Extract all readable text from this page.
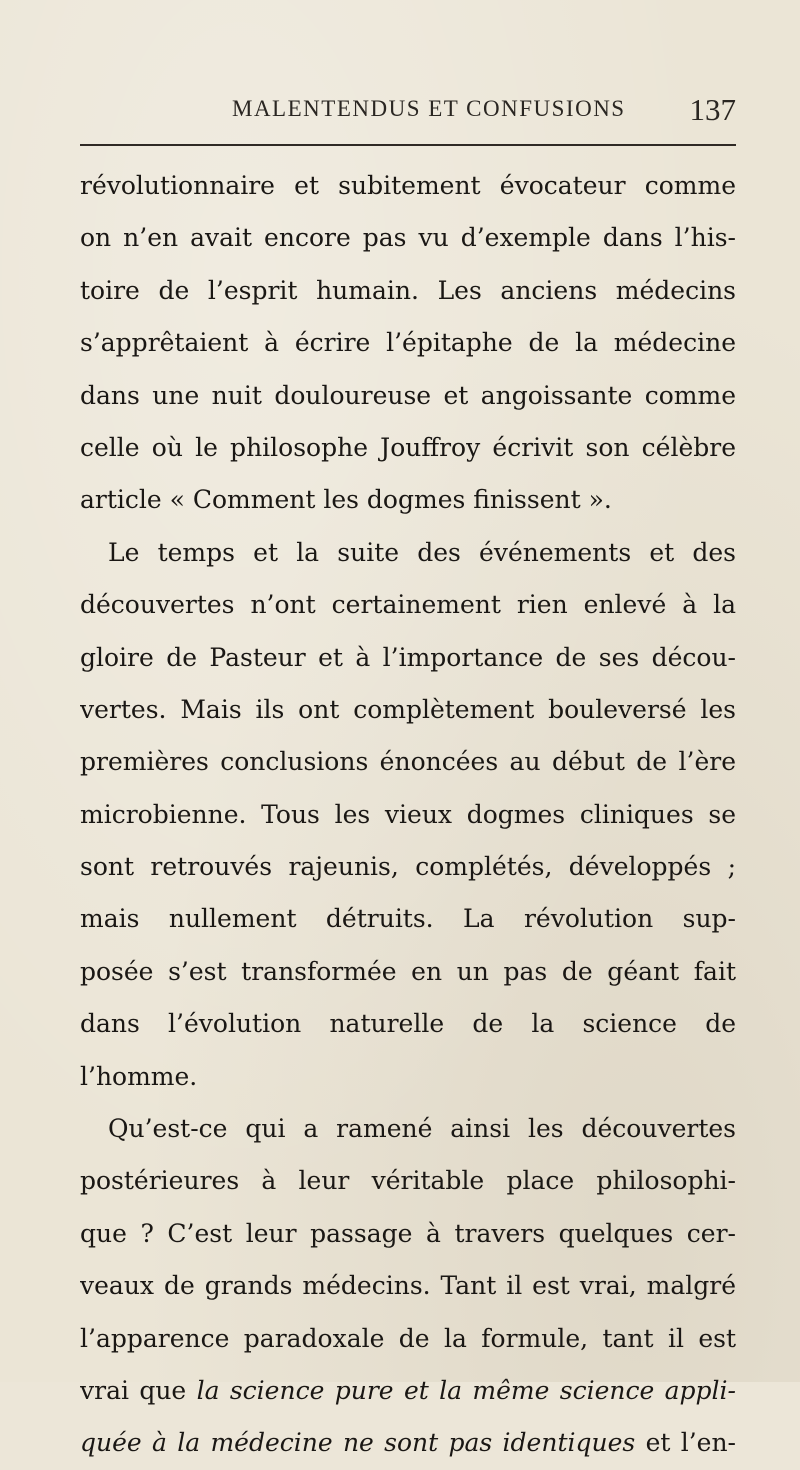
MALENTENDUS ET CONFUSIONS 137
révolutionnaire et subitement évocateur comme
on n’en avait encore pas vu d’exemple dans l’his-
toire de l’esprit humain. Les anciens médecins
s’apprêtaient à écrire l’épitaphe de la médecine
dans une nuit douloureuse et angoissante comme
celle où le philosophe Jouffroy écrivit son célèbre
article « Comment les dogmes finissent ».
Le temps et la suite des événements et des
découvertes n’ont certainement rien enlevé à la
gloire de Pasteur et à l’importance de ses décou-
vertes. Mais ils ont complètement bouleversé les
premières conclusions énoncées au début de l’ère
microbienne. Tous les vieux dogmes cliniques se
sont retrouvés rajeunis, complétés, développés ;
mais nullement détruits. La révolution sup-
posée s’est transformée en un pas de géant fait
dans l’évolution naturelle de la science de
l’homme.
Qu’est-ce qui a ramené ainsi les découvertes
postérieures à leur véritable place philosophi-
que ? C’est leur passage à travers quelques cer-
veaux de grands médecins. Tant il est vrai, malgré
l’apparence paradoxale de la formule, tant il est
vrai que la science pure et la même science appli-
quée à la médecine ne sont pas identiques et l’en-
